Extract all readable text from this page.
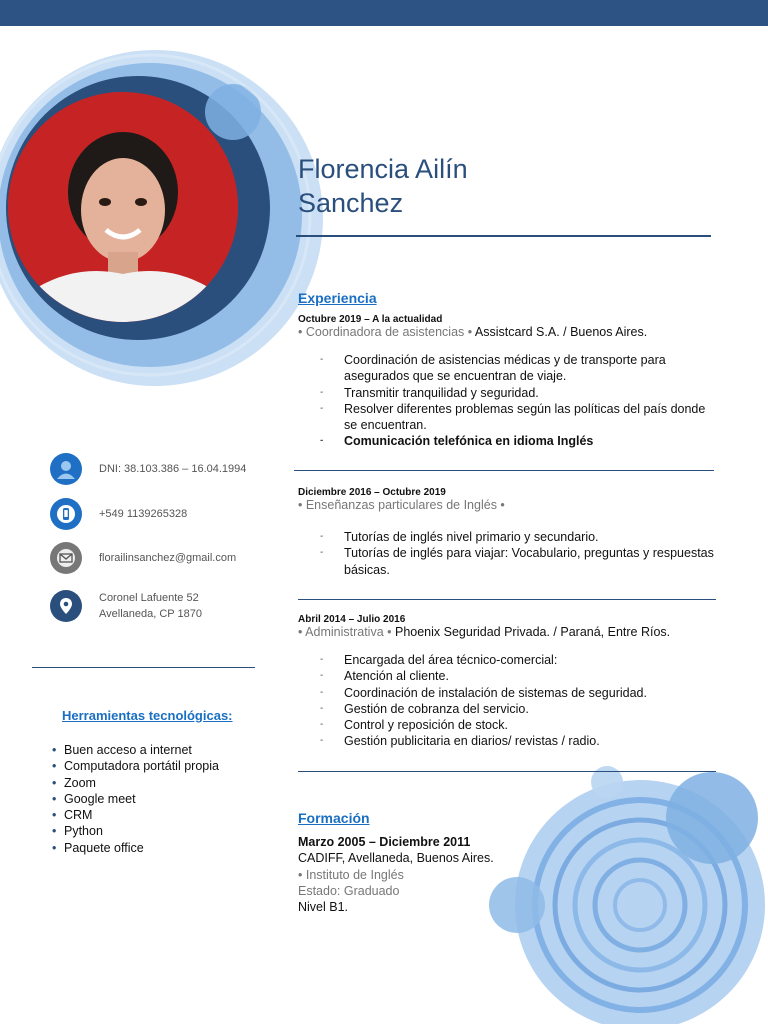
Florencia Ailín
Sanchez
DNI: 38.103.386 – 16.04.1994
+549 1139265328
florailinsanchez@gmail.com
Coronel Lafuente 52
Avellaneda, CP 1870
Herramientas tecnológicas:
• Buen acceso a internet
• Computadora portátil propia
• Zoom
• Google meet
• CRM
• Python
• Paquete office
Experiencia
Octubre 2019 – A la actualidad
• Coordinadora de asistencias • Assistcard S.A. / Buenos Aires.
- Coordinación de asistencias médicas y de transporte para asegurados que se encuentran de viaje.
- Transmitir tranquilidad y seguridad.
- Resolver diferentes problemas según las políticas del país donde se encuentran.
- Comunicación telefónica en idioma Inglés
Diciembre 2016 – Octubre 2019
• Enseñanzas particulares de Inglés •
- Tutorías de inglés nivel primario y secundario.
- Tutorías de inglés para viajar: Vocabulario, preguntas y respuestas básicas.
Abril 2014 – Julio 2016
• Administrativa • Phoenix Seguridad Privada. / Paraná, Entre Ríos.
- Encargada del área técnico-comercial:
- Atención al cliente.
- Coordinación de instalación de sistemas de seguridad.
- Gestión de cobranza del servicio.
- Control y reposición de stock.
- Gestión publicitaria en diarios/ revistas / radio.
Formación
Marzo 2005 – Diciembre 2011
CADIFF, Avellaneda, Buenos Aires.
• Instituto de Inglés
Estado: Graduado
Nivel B1.
